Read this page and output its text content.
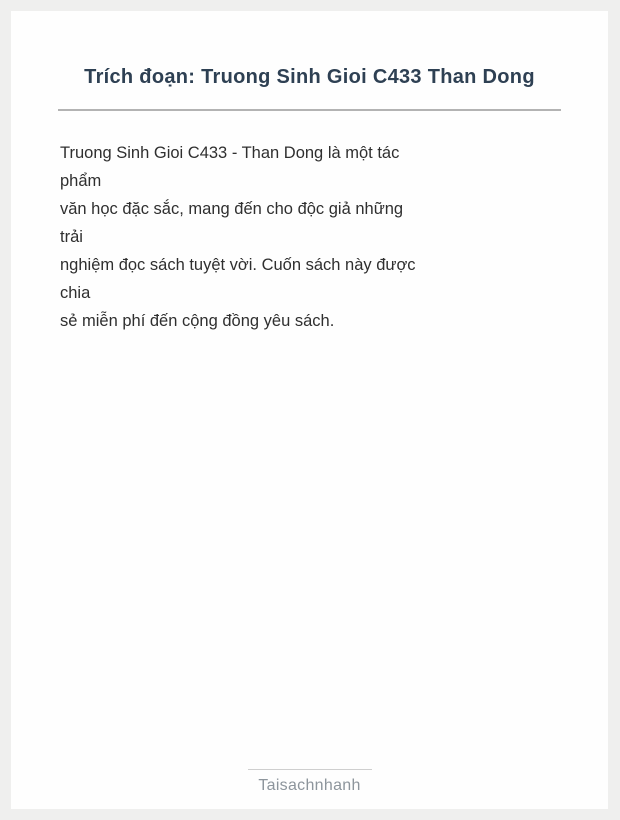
Trích đoạn: Truong Sinh Gioi C433 Than Dong
Truong Sinh Gioi C433 - Than Dong là một tác
phẩm
văn học đặc sắc, mang đến cho độc giả những
trải
nghiệm đọc sách tuyệt vời. Cuốn sách này được
chia
sẻ miễn phí đến cộng đồng yêu sách.
Taisachnhanh
